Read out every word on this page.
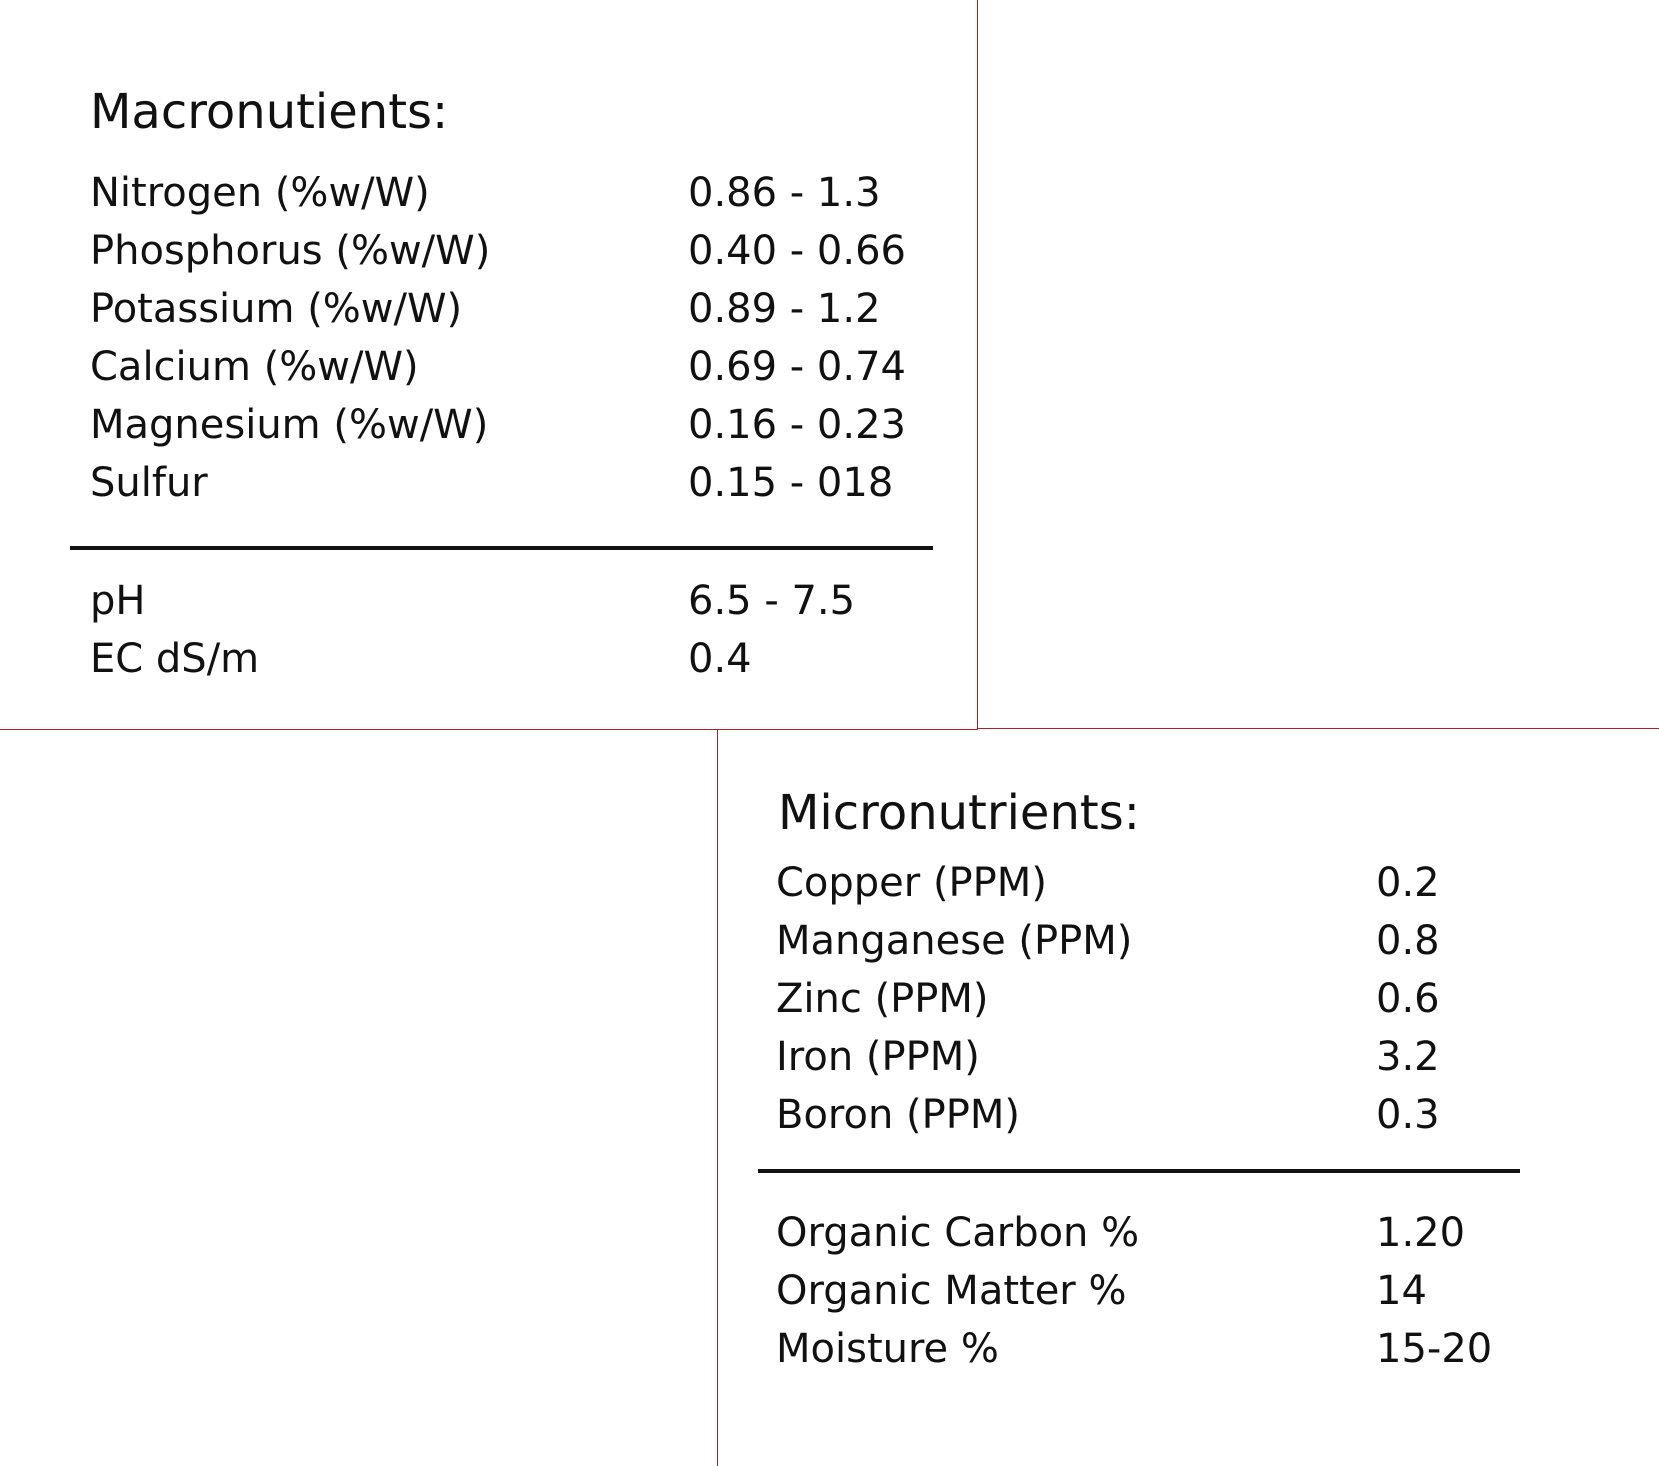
Macronutients:
Nitrogen (%w/W)	0.86 - 1.3
Phosphorus (%w/W)	0.40 - 0.66
Potassium (%w/W)	0.89 - 1.2
Calcium (%w/W)	0.69 - 0.74
Magnesium (%w/W)	0.16 - 0.23
Sulfur	0.15 - 018
pH	6.5 - 7.5
EC dS/m	0.4
Micronutrients:
Copper (PPM)	0.2
Manganese (PPM)	0.8
Zinc (PPM)	0.6
Iron (PPM)	3.2
Boron (PPM)	0.3
Organic Carbon %	1.20
Organic Matter %	14
Moisture %	15-20
